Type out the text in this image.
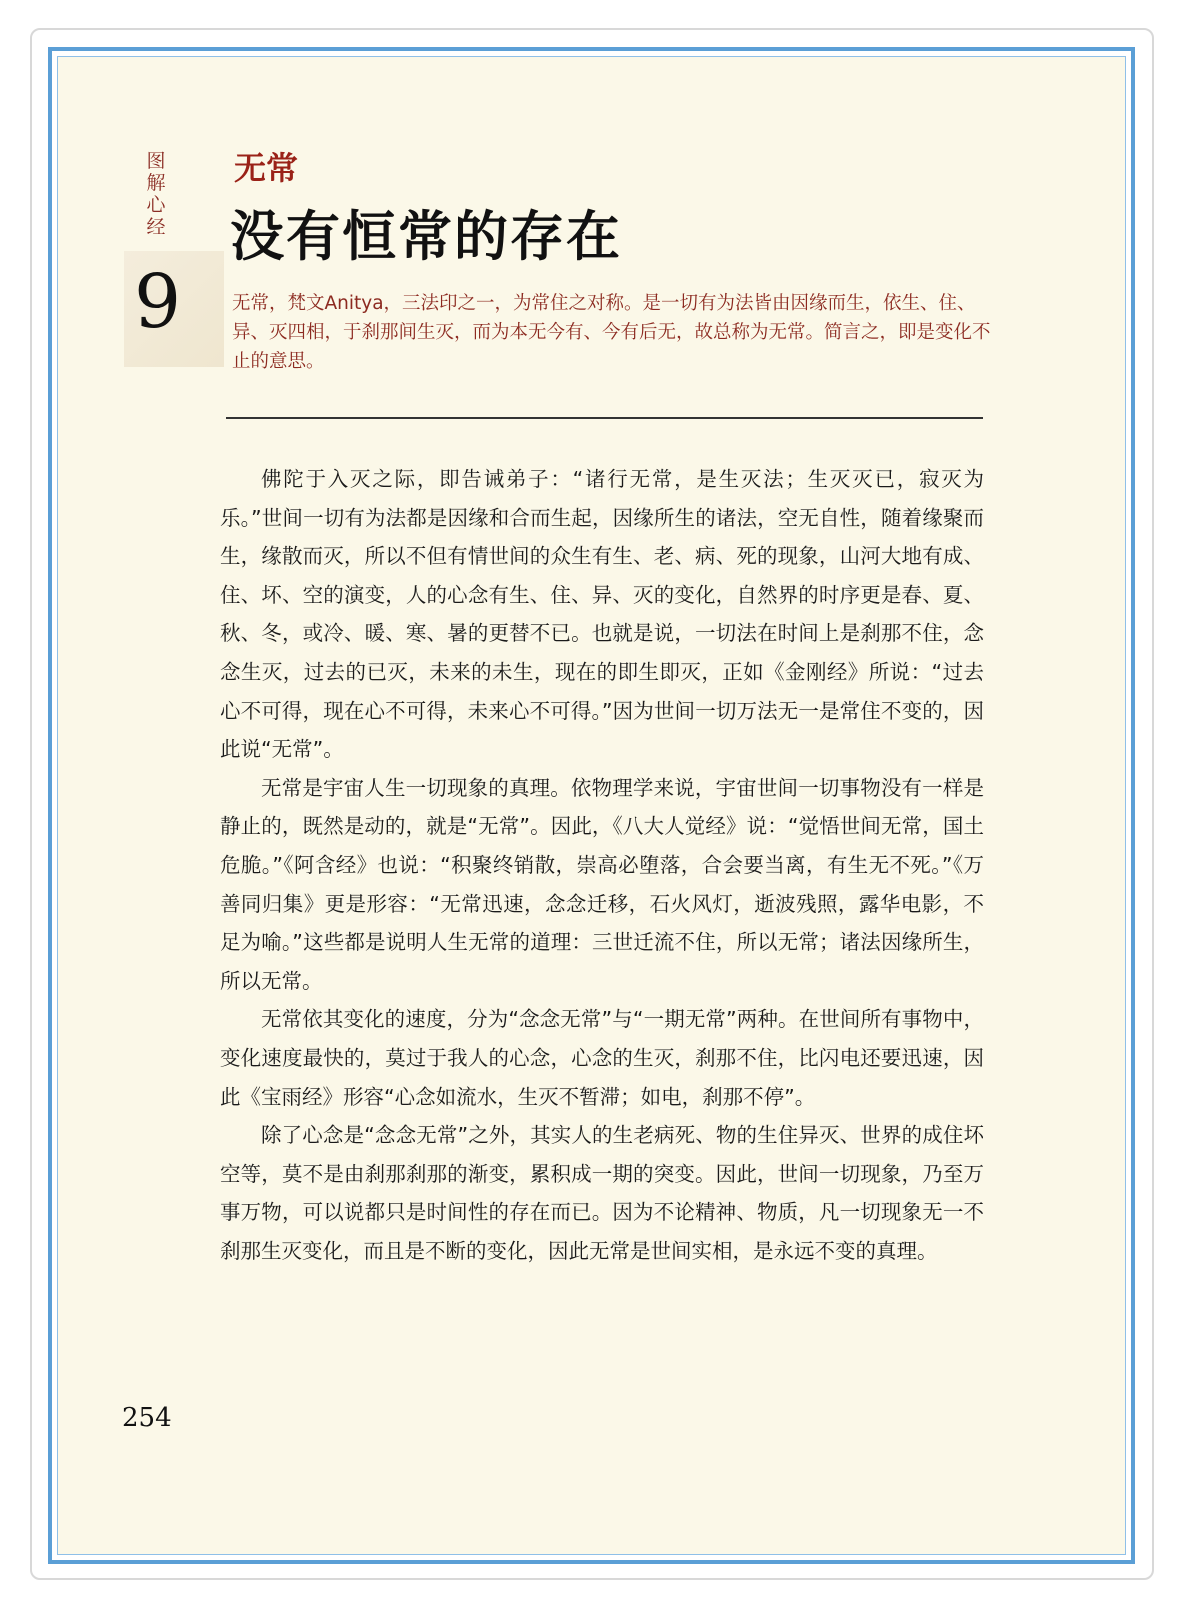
图
解
心
经
9
无常
没有恒常的存在
无常，梵文Anitya，三法印之一，为常住之对称。是一切有为法皆由因缘而生，依生、住、异、灭四相，于刹那间生灭，而为本无今有、今有后无，故总称为无常。简言之，即是变化不止的意思。

佛陀于入灭之际，即告诫弟子：“诸行无常，是生灭法；生灭灭已，寂灭为乐。”世间一切有为法都是因缘和合而生起，因缘所生的诸法，空无自性，随着缘聚而生，缘散而灭，所以不但有情世间的众生有生、老、病、死的现象，山河大地有成、住、坏、空的演变，人的心念有生、住、异、灭的变化，自然界的时序更是春、夏、秋、冬，或冷、暖、寒、暑的更替不已。也就是说，一切法在时间上是刹那不住，念念生灭，过去的已灭，未来的未生，现在的即生即灭，正如《金刚经》所说：“过去心不可得，现在心不可得，未来心不可得。”因为世间一切万法无一是常住不变的，因此说“无常”。

无常是宇宙人生一切现象的真理。依物理学来说，宇宙世间一切事物没有一样是静止的，既然是动的，就是“无常”。因此，《八大人觉经》说：“觉悟世间无常，国土危脆。”《阿含经》也说：“积聚终销散，崇高必堕落，合会要当离，有生无不死。”《万善同归集》更是形容：“无常迅速，念念迁移，石火风灯，逝波残照，露华电影，不足为喻。”这些都是说明人生无常的道理：三世迁流不住，所以无常；诸法因缘所生，所以无常。

无常依其变化的速度，分为“念念无常”与“一期无常”两种。在世间所有事物中，变化速度最快的，莫过于我人的心念，心念的生灭，刹那不住，比闪电还要迅速，因此《宝雨经》形容“心念如流水，生灭不暂滞；如电，刹那不停”。

除了心念是“念念无常”之外，其实人的生老病死、物的生住异灭、世界的成住坏空等，莫不是由刹那刹那的渐变，累积成一期的突变。因此，世间一切现象，乃至万事万物，可以说都只是时间性的存在而已。因为不论精神、物质，凡一切现象无一不刹那生灭变化，而且是不断的变化，因此无常是世间实相，是永远不变的真理。

254
